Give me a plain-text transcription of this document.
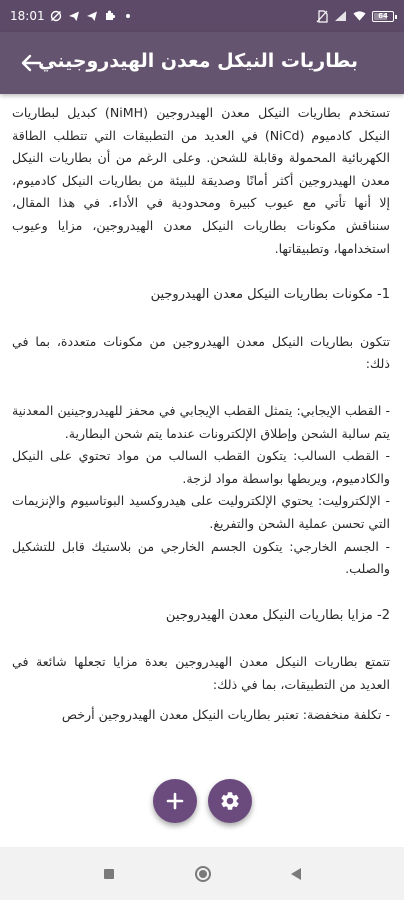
18:01	64
بطاريات النيكل معدن الهيدروجيني

تستخدم بطاريات النيكل معدن الهيدروجين (NiMH) كبديل لبطاريات النيكل كادميوم (NiCd) في العديد من التطبيقات التي تتطلب الطاقة الكهربائية المحمولة وقابلة للشحن. وعلى الرغم من أن بطاريات النيكل معدن الهيدروجين أكثر أمانًا وصديقة للبيئة من بطاريات النيكل كادميوم، إلا أنها تأتي مع عيوب كبيرة ومحدودية في الأداء. في هذا المقال، سنناقش مكونات بطاريات النيكل معدن الهيدروجين، مزايا وعيوب استخدامها، وتطبيقاتها.

1- مكونات بطاريات النيكل معدن الهيدروجين

تتكون بطاريات النيكل معدن الهيدروجين من مكونات متعددة، بما في ذلك:

- القطب الإيجابي: يتمثل القطب الإيجابي في محفز للهيدروجينين المعدنية يتم سالبة الشحن وإطلاق الإلكترونات عندما يتم شحن البطارية.

- القطب السالب: يتكون القطب السالب من مواد تحتوي على النيكل والكادميوم، ويربطها بواسطة مواد لزجة.

- الإلكتروليت: يحتوي الإلكتروليت على هيدروكسيد البوتاسيوم والإنزيمات التي تحسن عملية الشحن والتفريغ.

- الجسم الخارجي: يتكون الجسم الخارجي من بلاستيك قابل للتشكيل والصلب.

2- مزايا بطاريات النيكل معدن الهيدروجين

تتمتع بطاريات النيكل معدن الهيدروجين بعدة مزايا تجعلها شائعة في العديد من التطبيقات، بما في ذلك:

- تكلفة منخفضة: تعتبر بطاريات النيكل معدن الهيدروجين أرخص
